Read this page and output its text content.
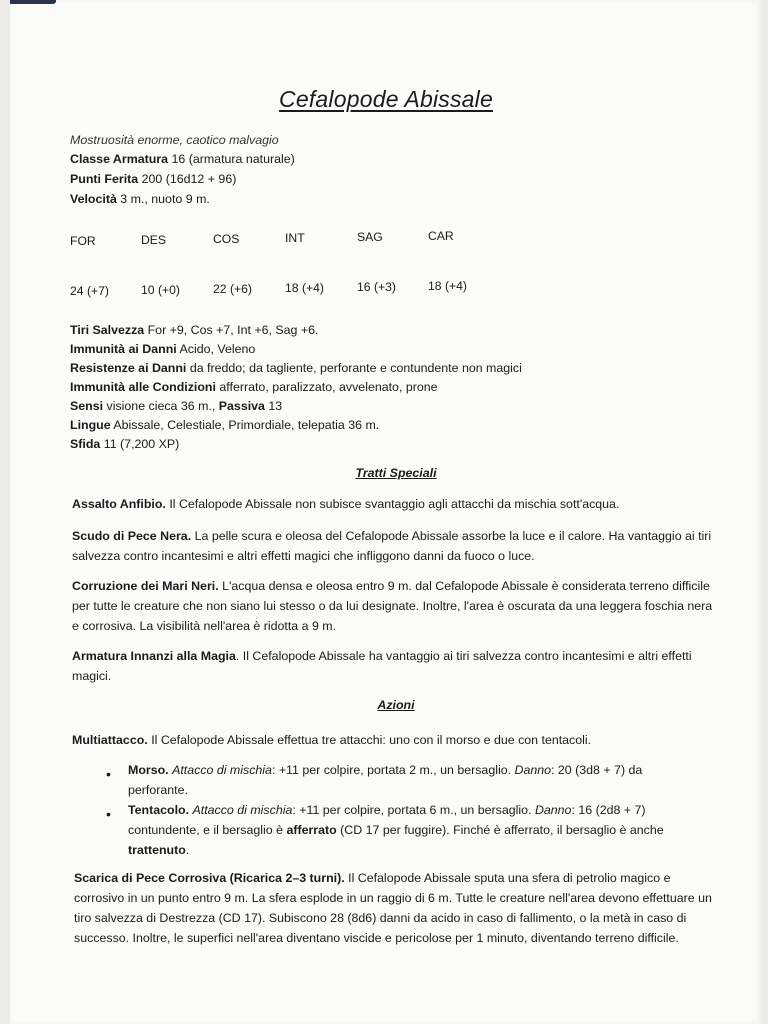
Cefalopode Abissale
Mostruosità enorme, caotico malvagio
Classe Armatura 16 (armatura naturale)
Punti Ferita 200 (16d12 + 96)
Velocità 3 m., nuoto 9 m.
FOR	DES	COS	INT	SAG	CAR
24 (+7)	10 (+0)	22 (+6)	18 (+4)	16 (+3)	18 (+4)
Tiri Salvezza For +9, Cos +7, Int +6, Sag +6.
Immunità ai Danni Acido, Veleno
Resistenze ai Danni da freddo; da tagliente, perforante e contundente non magici
Immunità alle Condizioni afferrato, paralizzato, avvelenato, prone
Sensi visione cieca 36 m., Passiva 13
Lingue Abissale, Celestiale, Primordiale, telepatia 36 m.
Sfida 11 (7,200 XP)
Tratti Speciali
Assalto Anfibio. Il Cefalopode Abissale non subisce svantaggio agli attacchi da mischia sott'acqua.
Scudo di Pece Nera. La pelle scura e oleosa del Cefalopode Abissale assorbe la luce e il calore. Ha vantaggio ai tiri salvezza contro incantesimi e altri effetti magici che infliggono danni da fuoco o luce.
Corruzione dei Mari Neri. L'acqua densa e oleosa entro 9 m. dal Cefalopode Abissale è considerata terreno difficile per tutte le creature che non siano lui stesso o da lui designate. Inoltre, l'area è oscurata da una leggera foschia nera e corrosiva. La visibilità nell'area è ridotta a 9 m.
Armatura Innanzi alla Magia. Il Cefalopode Abissale ha vantaggio ai tiri salvezza contro incantesimi e altri effetti magici.
Azioni
Multiattacco. Il Cefalopode Abissale effettua tre attacchi: uno con il morso e due con tentacoli.
• Morso. Attacco di mischia: +11 per colpire, portata 2 m., un bersaglio. Danno: 20 (3d8 + 7) da perforante.
• Tentacolo. Attacco di mischia: +11 per colpire, portata 6 m., un bersaglio. Danno: 16 (2d8 + 7) contundente, e il bersaglio è afferrato (CD 17 per fuggire). Finché è afferrato, il bersaglio è anche trattenuto.
Scarica di Pece Corrosiva (Ricarica 2–3 turni). Il Cefalopode Abissale sputa una sfera di petrolio magico e corrosivo in un punto entro 9 m. La sfera esplode in un raggio di 6 m. Tutte le creature nell'area devono effettuare un tiro salvezza di Destrezza (CD 17). Subiscono 28 (8d6) danni da acido in caso di fallimento, o la metà in caso di successo. Inoltre, le superfici nell'area diventano viscide e pericolose per 1 minuto, diventando terreno difficile.
